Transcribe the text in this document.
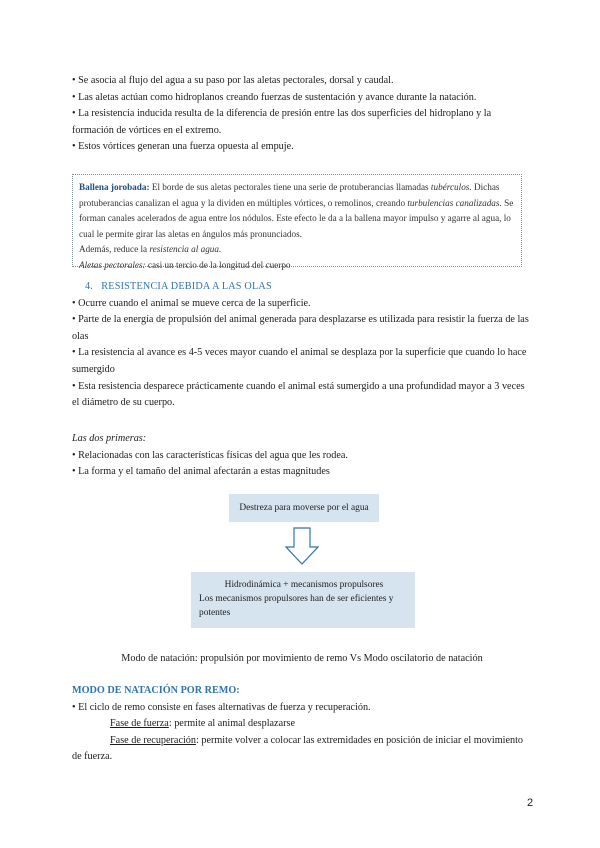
• Se asocia al flujo del agua a su paso por las aletas pectorales, dorsal y caudal.

• Las aletas actúan como hidroplanos creando fuerzas de sustentación y avance durante la natación.

• La resistencia inducida resulta de la diferencia de presión entre las dos superficies del hidroplano y la formación de vórtices en el extremo.

• Estos vórtices generan una fuerza opuesta al empuje.

Ballena jorobada: El borde de sus aletas pectorales tiene una serie de protuberancias llamadas tubérculos. Dichas protuberancias canalizan el agua y la dividen en múltiples vórtices, o remolinos, creando turbulencias canalizadas. Se forman canales acelerados de agua entre los nódulos. Este efecto le da a la ballena mayor impulso y agarre al agua, lo cual le permite girar las aletas en ángulos más pronunciados.

Además, reduce la resistencia al agua.

Aletas pectorales: casi un tercio de la longitud del cuerpo

4. RESISTENCIA DEBIDA A LAS OLAS

• Ocurre cuando el animal se mueve cerca de la superficie.

• Parte de la energía de propulsión del animal generada para desplazarse es utilizada para resistir la fuerza de las olas

• La resistencia al avance es 4-5 veces mayor cuando el animal se desplaza por la superficie que cuando lo hace sumergido

• Esta resistencia desparece prácticamente cuando el animal está sumergido a una profundidad mayor a 3 veces el diámetro de su cuerpo.

Las dos primeras:

• Relacionadas con las características físicas del agua que les rodea.

• La forma y el tamaño del animal afectarán a estas magnitudes

Destreza para moverse por el agua

Hidrodinámica + mecanismos propulsores

Los mecanismos propulsores han de ser eficientes y potentes

Modo de natación: propulsión por movimiento de remo Vs Modo oscilatorio de natación

MODO DE NATACIÓN POR REMO:

• El ciclo de remo consiste en fases alternativas de fuerza y recuperación.

Fase de fuerza: permite al animal desplazarse

Fase de recuperación: permite volver a colocar las extremidades en posición de iniciar el movimiento de fuerza.

2
